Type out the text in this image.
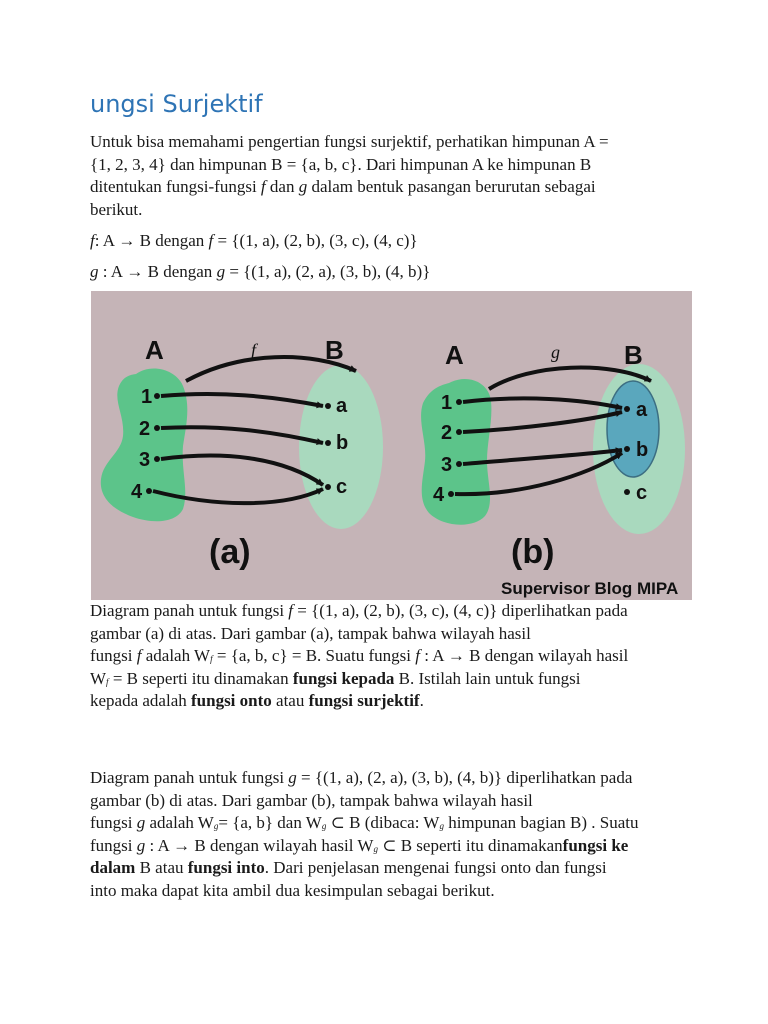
ungsi Surjektif
Untuk bisa memahami pengertian fungsi surjektif, perhatikan himpunan A =
{1, 2, 3, 4} dan himpunan B = {a, b, c}. Dari himpunan A ke himpunan B
ditentukan fungsi-fungsi f dan g dalam bentuk pasangan berurutan sebagai
berikut.
f: A → B dengan f = {(1, a), (2, b), (3, c), (4, c)}
g : A → B dengan g = {(1, a), (2, a), (3, b), (4, b)}
A	B
f
1
2
3
4
a
b
c
(a)
A	B
g
1
2
3
4
a
b
c
(b)
Supervisor Blog MIPA
Diagram panah untuk fungsi f = {(1, a), (2, b), (3, c), (4, c)} diperlihatkan pada
gambar (a) di atas. Dari gambar (a), tampak bahwa wilayah hasil
fungsi f adalah $W_f = \{a$, b, c} = B. Suatu fungsi f : A → B dengan wilayah hasil
$W_f = B$ seperti itu dinamakan fungsi kepada B. Istilah lain untuk fungsi
kepada adalah fungsi onto atau fungsi surjektif.
Diagram panah untuk fungsi g = {(1, a), (2, a), (3, b), (4, b)} diperlihatkan pada
gambar (b) di atas. Dari gambar (b), tampak bahwa wilayah hasil
fungsi g adalah $W_g= \{a$, b} dan $W_g$ ⊂ B (dibaca: $W_g$ himpunan bagian B) . Suatu
fungsi g : A → B dengan wilayah hasil $W_g$ ⊂ B seperti itu dinamakanfungsi ke
dalam B atau fungsi into. Dari penjelasan mengenai fungsi onto dan fungsi
into maka dapat kita ambil dua kesimpulan sebagai berikut.
